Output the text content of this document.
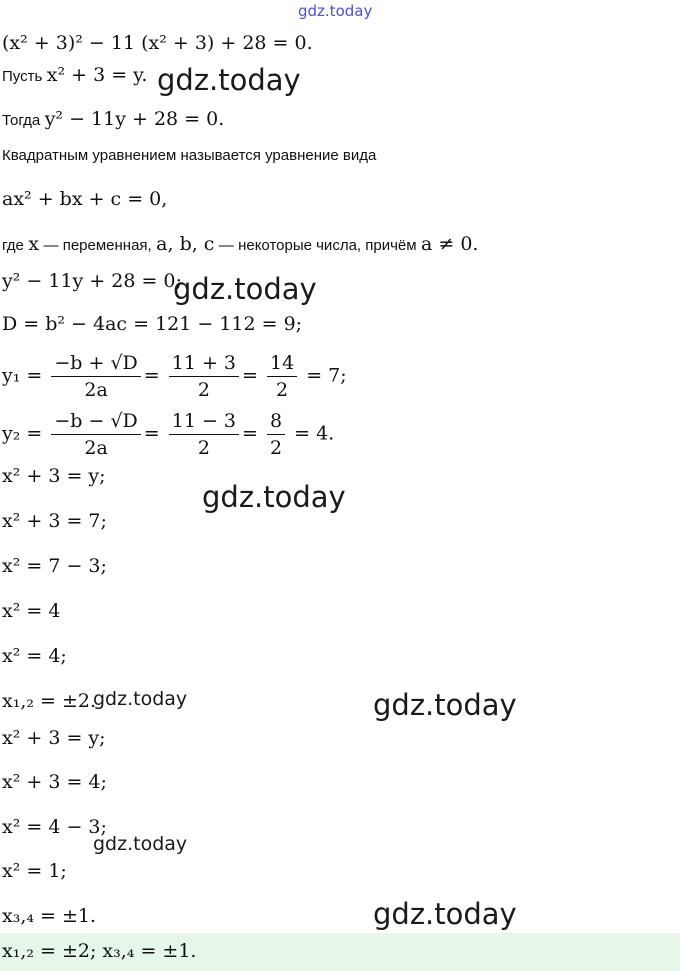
gdz.today
(x² + 3)² − 11 (x² + 3) + 28 = 0.
Пусть x² + 3 = y. gdz.today
Тогда y² − 11y + 28 = 0.
Квадратным уравнением называется уравнение вида
ax² + bx + c = 0,
где x — переменная, a, b, c — некоторые числа, причём a ≠ 0.
y² − 11y + 28 = 0;
gdz.today
D = b² − 4ac = 121 − 112 = 9;
$y_1 = \frac{-b + √D}{2a} = \frac{11 + 3}{2} = \frac{14}{2} = 7$;
$y_2 = \frac{-b - √D}{2a} = \frac{11 - 3}{2} = \frac{8}{2} = 4$.
x² + 3 = y;
gdz.today
x² + 3 = 7;
x² = 7 − 3;
x² = 4
x² = 4;
x₁,₂ = ±2.
gdz.today	gdz.today
x² + 3 = y;
x² + 3 = 4;
x² = 4 − 3;
gdz.today
x² = 1;
x₃,₄ = ±1.	gdz.today
x₁,₂ = ±2; x₃,₄ = ±1.
